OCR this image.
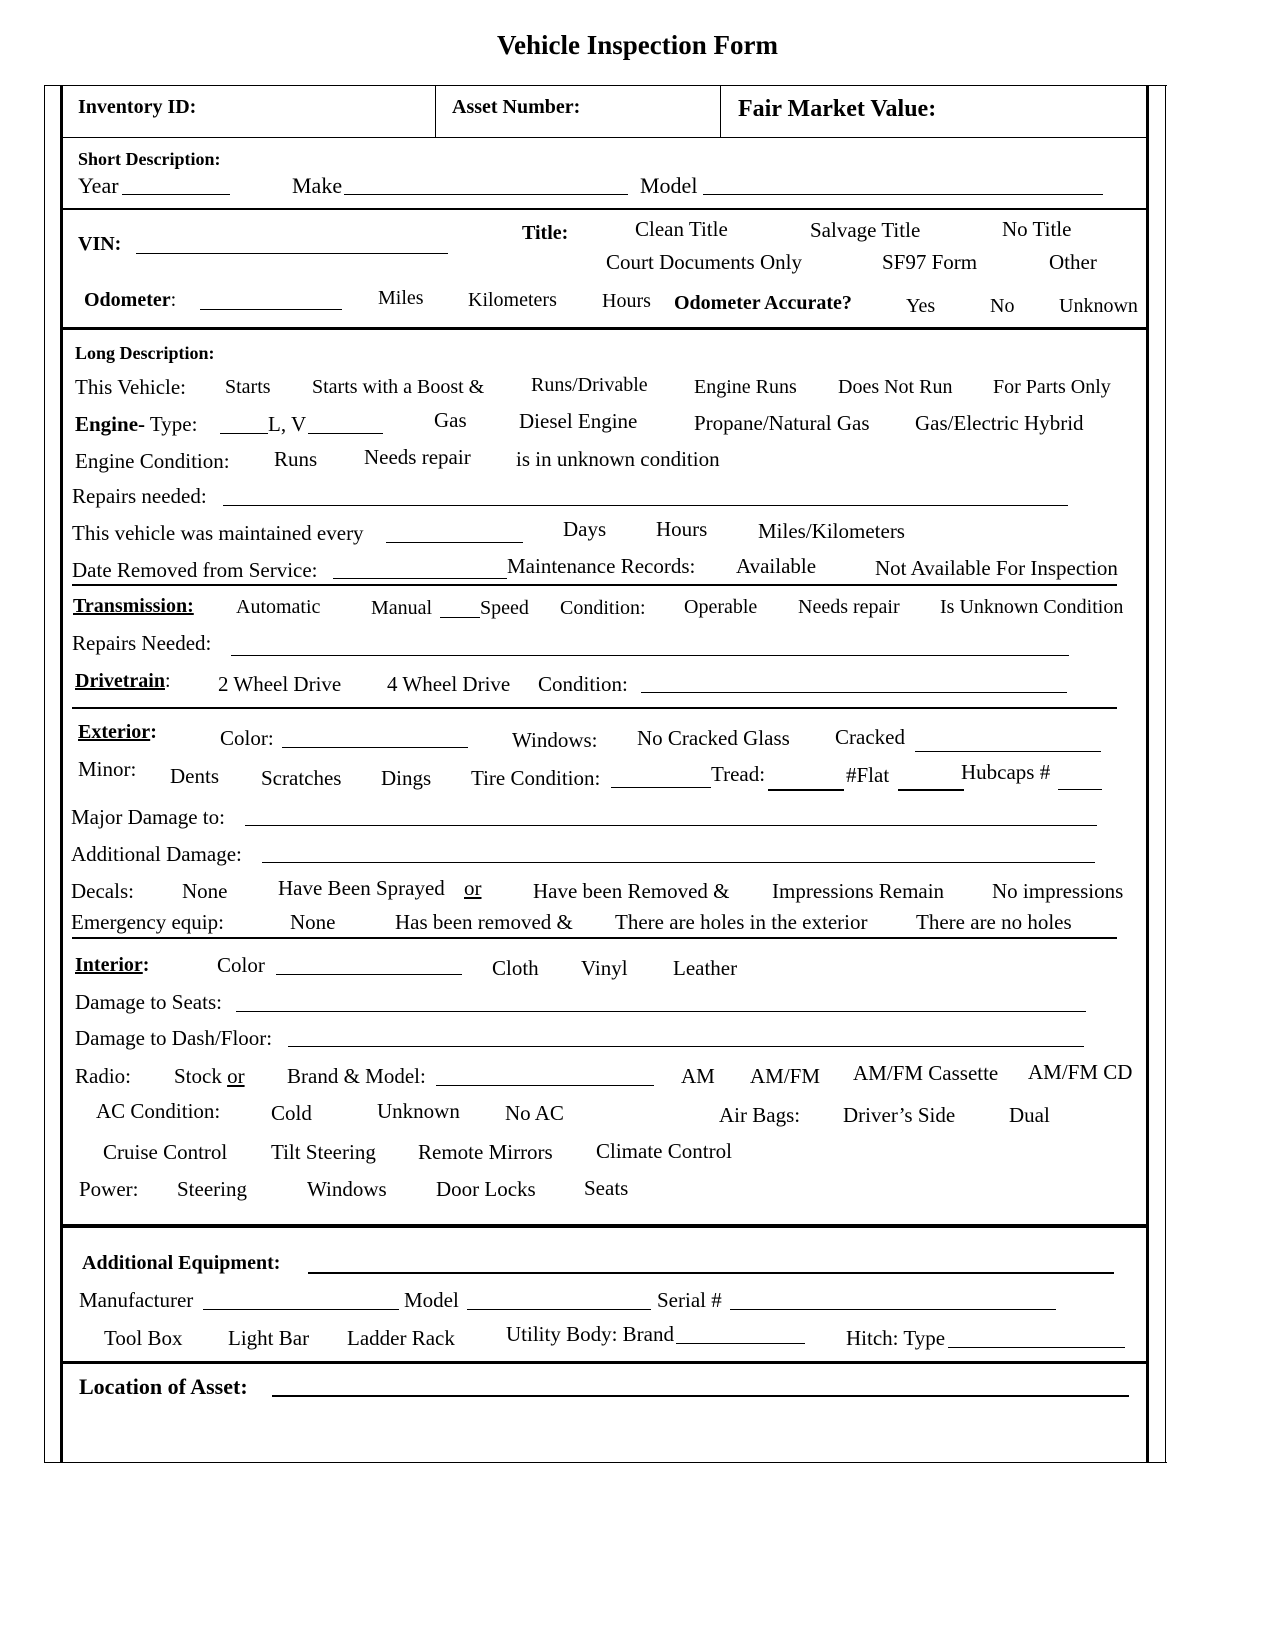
Vehicle Inspection Form
Inventory ID:	Asset Number:	Fair Market Value:
Short Description:
Year	Make	Model
VIN:	Title:	Clean Title	Salvage Title	No Title
Court Documents Only	SF97 Form	Other
Odometer:	Miles Kilometers Hours Odometer Accurate?	Yes	No Unknown
Long Description:
This Vehicle: Starts Starts with a Boost & Runs/Drivable Engine Runs Does Not Run For Parts Only
Engine- Type:	L, V	Gas Diesel Engine	Propane/Natural Gas Gas/Electric Hybrid
Engine Condition: Runs Needs repair is in unknown condition
Repairs needed:
This vehicle was maintained every	Days Hours Miles/Kilometers
Date Removed from Service:	Maintenance Records: Available	Not Available For Inspection
Transmission: Automatic	Manual Speed Condition: Operable Needs repair Is Unknown Condition
Repairs Needed:
Drivetrain: 2 Wheel Drive 4 Wheel Drive Condition:
Exterior:	Color:	Windows: No Cracked Glass Cracked
Minor: Dents Scratches Dings Tire Condition:	Tread:	#Flat	Hubcaps #
Major Damage to:
Additional Damage:
Decals: None Have Been Sprayed or Have been Removed & Impressions Remain No impressions
Emergency equip:	None	Has been removed & There are holes in the exterior There are no holes
Interior:	Color	Cloth Vinyl Leather
Damage to Seats:
Damage to Dash/Floor:
Radio: Stock or Brand & Model:	AM AM/FM AM/FM Cassette AM/FM CD
AC Condition: Cold	Unknown No AC	Air Bags: Driver’s Side	Dual
Cruise Control Tilt Steering Remote Mirrors Climate Control
Power: Steering	Windows Door Locks Seats
Additional Equipment:
Manufacturer	Model	Serial #
Tool Box Light Bar Ladder Rack Utility Body: Brand	Hitch: Type
Location of Asset:
